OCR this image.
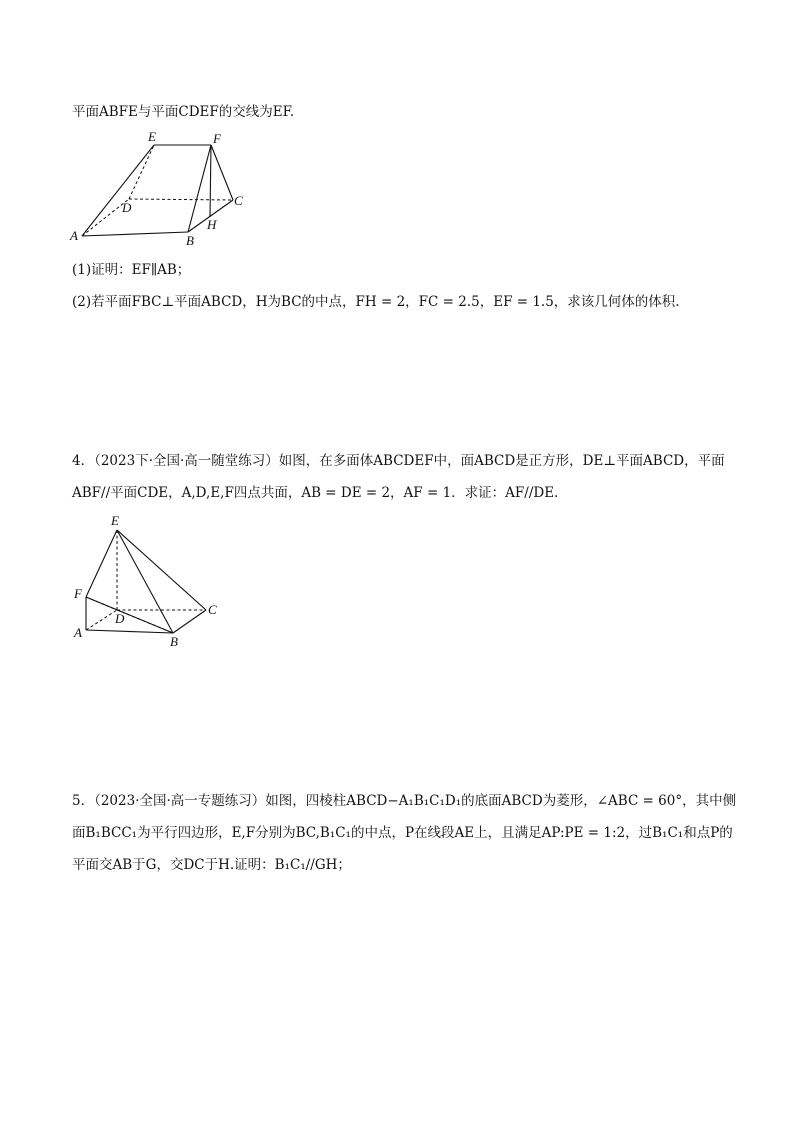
平面ABFE与平面CDEF的交线为EF.
E	F
D	C
A	B
H
(1)证明：EF∥AB；
(2)若平面FBC⊥平面ABCD，H为BC的中点，FH = 2，FC = 2.5，EF = 1.5，求该几何体的体积.
4．（2023下·全国·高一随堂练习）如图，在多面体ABCDEF中，面ABCD是正方形，DE⊥平面ABCD，平面
ABF//平面CDE，A,D,E,F四点共面，AB = DE = 2，AF = 1．求证：AF//DE.
E
F
D
C
A
B
5．（2023·全国·高一专题练习）如图，四棱柱ABCD−A₁B₁C₁D₁的底面ABCD为菱形，∠ABC = 60°，其中侧
面B₁BCC₁为平行四边形，E,F分别为BC,B₁C₁的中点，P在线段AE上，且满足AP:PE = 1:2，过B₁C₁和点P的
平面交AB于G，交DC于H.证明：B₁C₁//GH；
